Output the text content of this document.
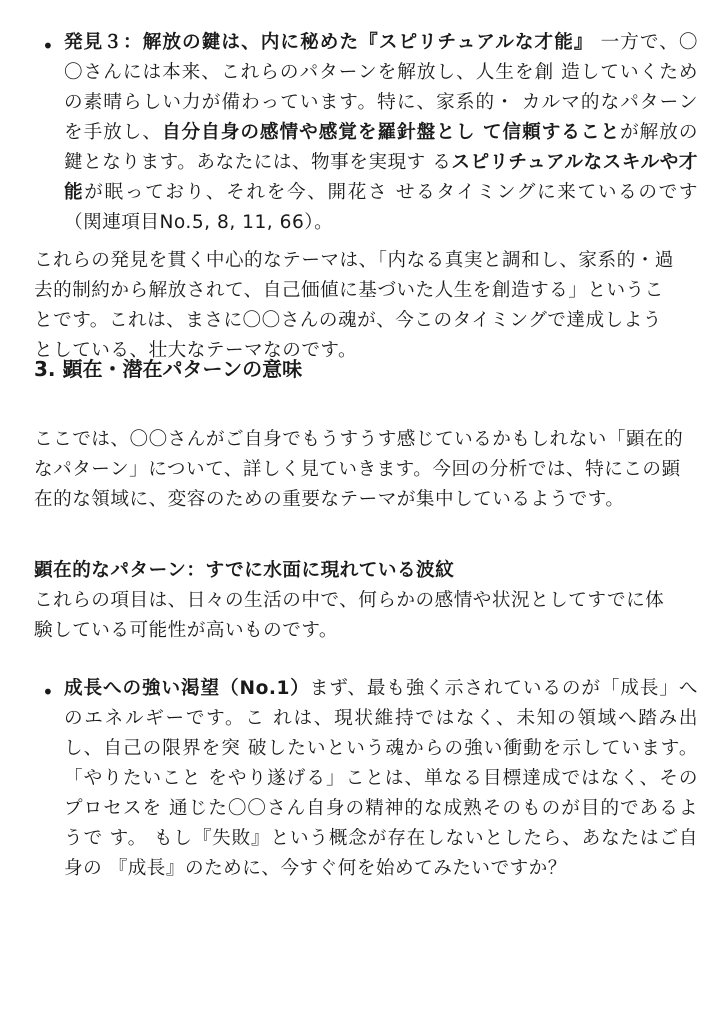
• 発見３：解放の鍵は、内に秘めた『スピリチュアルな才能』 一方で、〇〇さんには本来、これらのパターンを解放し、人生を創 造していくための素晴らしい力が備わっています。特に、家系的・ カルマ的なパターンを手放し、自分自身の感情や感覚を羅針盤とし て信頼することが解放の鍵となります。あなたには、物事を実現す るスピリチュアルなスキルや才能が眠っており、それを今、開花さ せるタイミングに来ているのです（関連項目No.5, 8, 11, 66）。
これらの発見を貫く中心的なテーマは、「内なる真実と調和し、家系的・過去的制約から解放されて、自己価値に基づいた人生を創造する」ということです。これは、まさに〇〇さんの魂が、今このタイミングで達成しようとしている、壮大なテーマなのです。
3. 顕在・潜在パターンの意味
ここでは、〇〇さんがご自身でもうすうす感じているかもしれない「顕在的なパターン」について、詳しく見ていきます。今回の分析では、特にこの顕在的な領域に、変容のための重要なテーマが集中しているようです。
顕在的なパターン：すでに水面に現れている波紋
これらの項目は、日々の生活の中で、何らかの感情や状況としてすでに体験している可能性が高いものです。
• 成長への強い渇望（No.1）まず、最も強く示されているのが「成長」へのエネルギーです。こ れは、現状維持ではなく、未知の領域へ踏み出し、自己の限界を突 破したいという魂からの強い衝動を示しています。「やりたいこと をやり遂げる」ことは、単なる目標達成ではなく、そのプロセスを 通じた〇〇さん自身の精神的な成熟そのものが目的であるようで す。 もし『失敗』という概念が存在しないとしたら、あなたはご自身の 『成長』のために、今すぐ何を始めてみたいですか？
